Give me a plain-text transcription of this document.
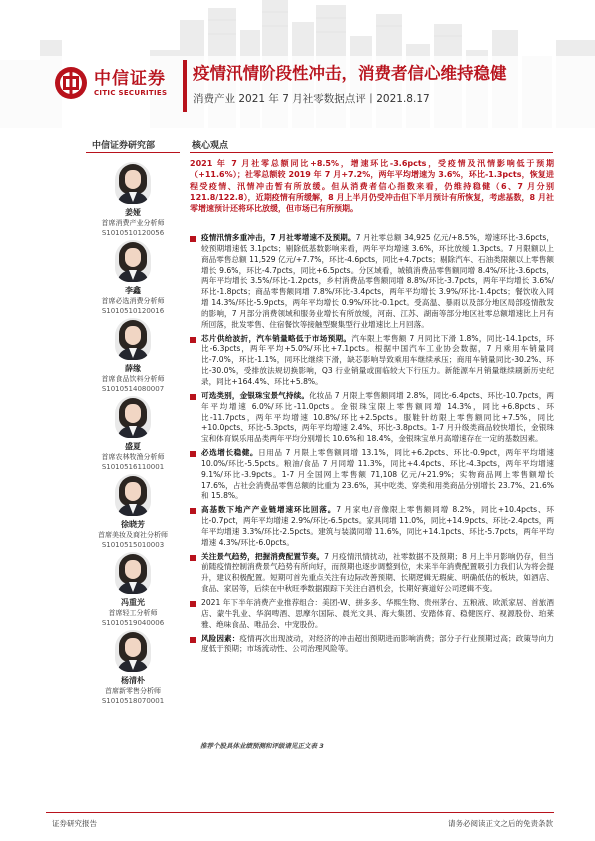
中信证券
CITIC SECURITIES
疫情汛情阶段性冲击，消费者信心维持稳健
消费产业 2021 年 7 月社零数据点评丨2021.8.17
中信证券研究部
姜娅
首席消费产业分析师
S1010510120056
李鑫
首席必选消费分析师
S1010510120016
薛缘
首席食品饮料分析师
S1010514080007
盛夏
首席农林牧渔分析师
S1010516110001
徐晓芳
首席美妆及商社分析师
S1010515010003
冯重光
首席轻工分析师
S1010519040006
杨清朴
首席新零售分析师
S1010518070001
核心观点
2021 年 7 月社零总额同比+8.5%，增速环比-3.6pcts，受疫情及汛情影响低于预期（+11.6%）；社零总额较 2019 年 7 月+7.2%，两年平均增速为 3.6%，环比-1.3pcts，恢复进程受疫情、汛情冲击暂有所放缓。但从消费者信心指数来看，仍维持稳健（6、7 月分别 121.8/122.8），近期疫情有所缓解，8 月上半月仍受冲击但下半月预计有所恢复，考虑基数，8 月社零增速预计还将环比放缓，但市场已有所预期。
疫情汛情多重冲击，7 月社零增速不及预期。7 月社零总额 34,925 亿元/+8.5%，增速环比-3.6pcts，较预期增速低 3.1pcts；剔除低基数影响来看，两年平均增速 3.6%，环比放缓 1.3pcts。7 月限额以上商品零售总额 11,529 亿元/+7.7%，环比-4.6pcts，同比+4.7pcts；剔除汽车、石油类限额以上零售额增长 9.6%，环比-4.7pcts，同比+6.5pcts。分区域看，城镇消费品零售额同增 8.4%/环比-3.6pcts，两年平均增长 3.5%/环比-1.2pcts，乡村消费品零售额同增 8.8%/环比-3.7pcts，两年平均增长 3.6%/环比-1.8pcts；商品零售额同增 7.8%/环比-3.4pcts，两年平均增长 3.9%/环比-1.4pcts；餐饮收入同增 14.3%/环比-5.9pcts，两年平均增长 0.9%/环比-0.1pct。受高温、暴雨以及部分地区局部疫情散发的影响，7 月部分消费领域和服务业增长有所放缓，河南、江苏、湖南等部分地区社零总额增速比上月有所回落，批发零售、住宿餐饮等接触型聚集型行业增速比上月回落。
芯片供给波折，汽车销量略低于市场预期。汽车限上零售额 7 月同比下滑 1.8%，同比-14.1pcts，环比-6.3pcts，两年平均+5.0%/环比+7.1pcts。根据中国汽车工业协会数据，7 月乘用车销量同比-7.0%，环比-1.1%，同环比继续下滑，缺芯影响导致乘用车继续承压；商用车销量同比-30.2%、环比-30.0%，受排放法规切换影响，Q3 行业销量或面临较大下行压力。新能源车月销量继续刷新历史纪录，同比+164.4%、环比+5.8%。
可选类别，金银珠宝景气持续。化妆品 7 月限上零售额同增 2.8%，同比-6.4pcts、环比-10.7pcts，两年平均增速 6.0%/环比-11.0pcts。金银珠宝限上零售额同增 14.3%，同比+6.8pcts、环比-11.7pcts，两年平均增速 10.8%/环比+2.5pcts。服鞋针纺限上零售额同比+7.5%，同比+10.0pcts、环比-5.3pcts，两年平均增速 2.4%、环比-3.8pcts。1-7 月升级类商品较快增长，金银珠宝和体育娱乐用品类两年平均分别增长 10.6%和 18.4%，金银珠宝单月高增速存在一定的基数因素。
必选增长稳健。日用品 7 月限上零售额同增 13.1%，同比+6.2pcts、环比-0.9pct，两年平均增速 10.0%/环比-5.5pcts。粮油/食品 7 月同增 11.3%，同比+4.4pcts、环比-4.3pcts，两年平均增速 9.1%/环比-3.9pcts。1-7 月全国网上零售额 71,108 亿元/+21.9%；实物商品网上零售额增长 17.6%，占社会消费品零售总额的比重为 23.6%，其中吃类、穿类和用类商品分别增长 23.7%、21.6%和 15.8%。
高基数下地产产业链增速环比回落。7 月家电/音像限上零售额同增 8.2%，同比+10.4pcts、环比-0.7pct，两年平均增速 2.9%/环比-6.5pcts。家具同增 11.0%，同比+14.9pcts、环比-2.4pcts，两年平均增速 3.3%/环比-2.5pcts。建筑与装潢同增 11.6%，同比+14.1pcts、环比-5.7pcts，两年平均增速 4.3%/环比-6.0pcts。
关注景气趋势，把握消费配置节奏。7 月疫情汛情扰动，社零数据不及预期；8 月上半月影响仍存，但当前随疫情控制消费景气趋势有所向好，而预期也逐步调整到位，未来半年消费配置吸引力我们认为将会提升，建议积极配置。短期可首先重点关注有边际改善预期、长期逻辑无瑕疵、明确低估的板块，如酒店、食品、家居等，后续在中秋旺季数据跟踪下关注白酒机会，长期好赛道好公司逻辑不变。
2021 年下半年消费产业推荐组合：美团-W、拼多多、华熙生物、贵州茅台、五粮液、欧派家居、首旅酒店、蒙牛乳业、华润啤酒、思摩尔国际、晨光文具、海大集团、安踏体育、稳健医疗、视源股份、珀莱雅、绝味食品、唯品会、中宠股份。
风险因素：疫情再次出现波动，对经济的冲击超出预期进而影响消费；部分子行业预期过高；政策导向力度低于预期；市场流动性、公司治理风险等。
推荐个股具体业绩预测和评级请见正文表 3
证券研究报告	请务必阅读正文之后的免责条款
